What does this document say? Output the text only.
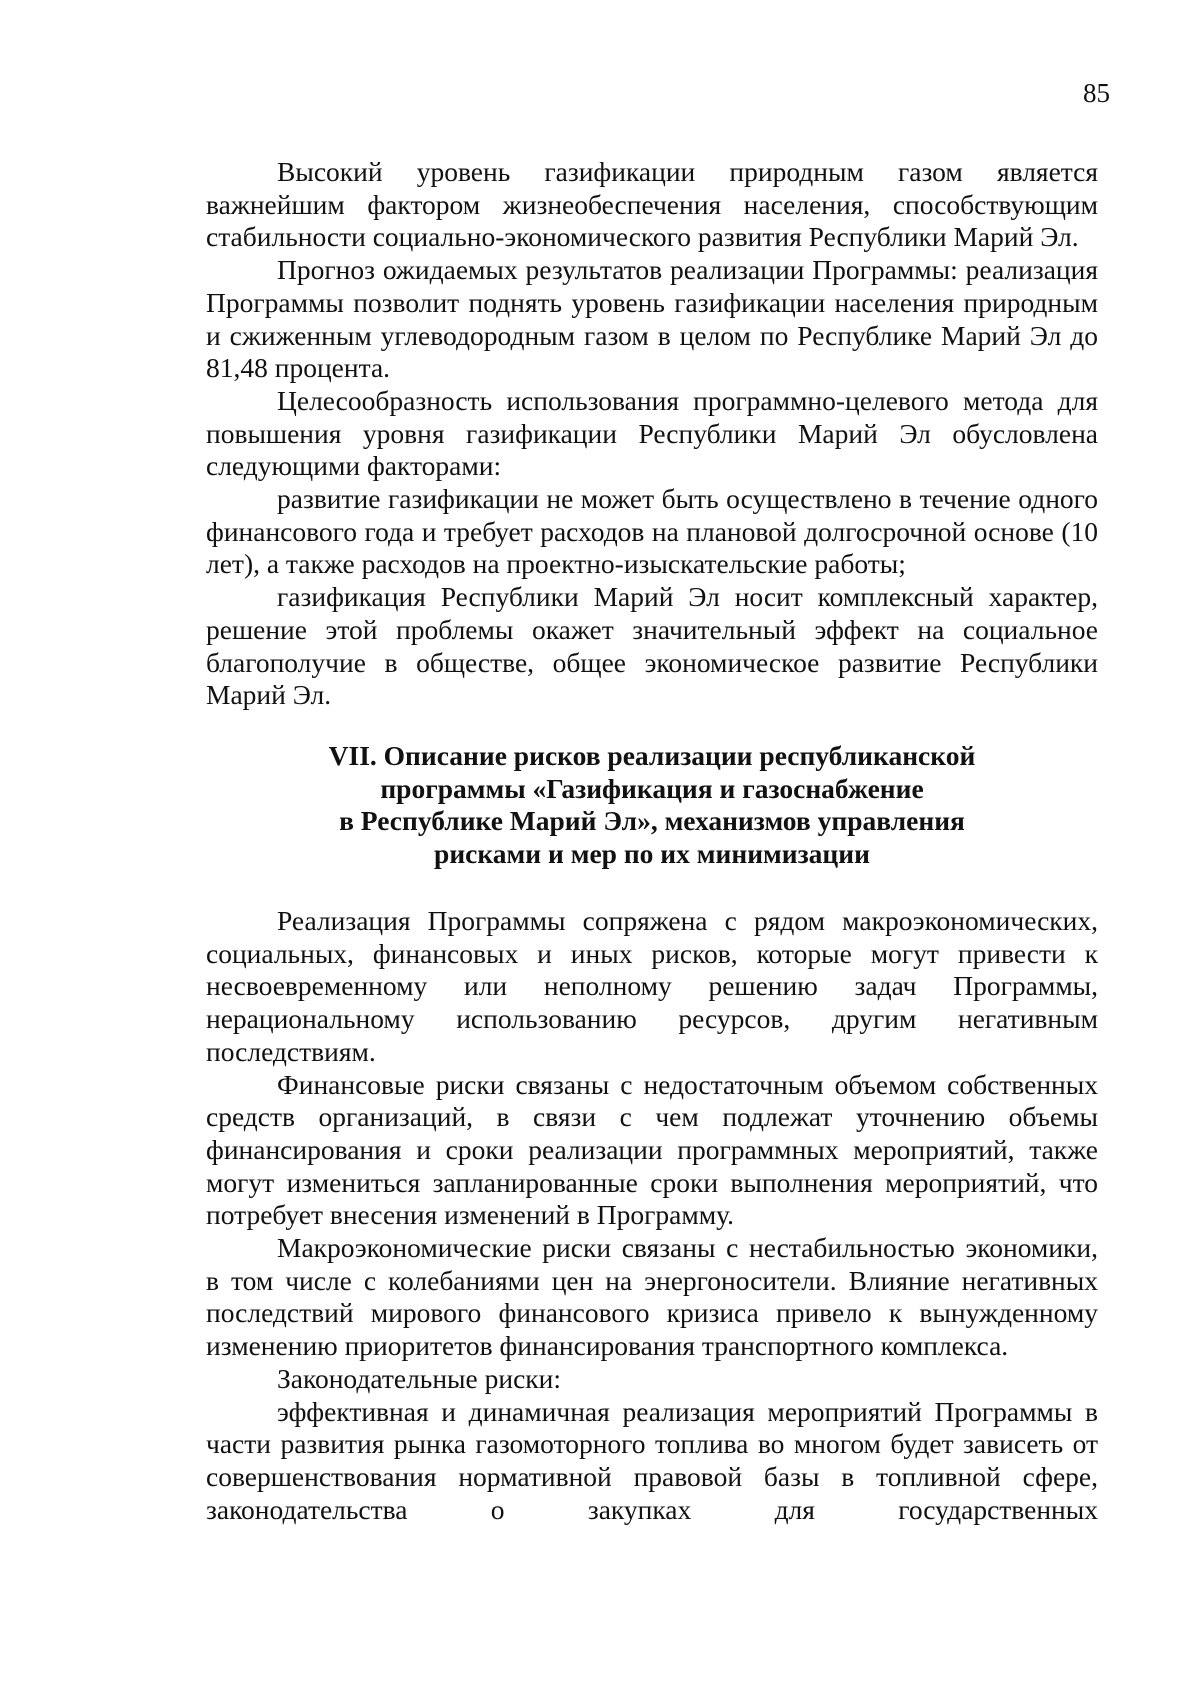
85

Высокий уровень газификации природным газом является важнейшим фактором жизнеобеспечения населения, способствующим стабильности социально-экономического развития Республики Марий Эл.

Прогноз ожидаемых результатов реализации Программы: реализация Программы позволит поднять уровень газификации населения природным и сжиженным углеводородным газом в целом по Республике Марий Эл до 81,48 процента.

Целесообразность использования программно-целевого метода для повышения уровня газификации Республики Марий Эл обусловлена следующими факторами:

развитие газификации не может быть осуществлено в течение одного финансового года и требует расходов на плановой долгосрочной основе (10 лет), а также расходов на проектно-изыскательские работы;

газификация Республики Марий Эл носит комплексный характер, решение этой проблемы окажет значительный эффект на социальное благополучие в обществе, общее экономическое развитие Республики Марий Эл.

VII. Описание рисков реализации республиканской
программы «Газификация и газоснабжение
в Республике Марий Эл», механизмов управления
рисками и мер по их минимизации

Реализация Программы сопряжена с рядом макроэкономических, социальных, финансовых и иных рисков, которые могут привести к несвоевременному или неполному решению задач Программы, нерациональному использованию ресурсов, другим негативным последствиям.

Финансовые риски связаны с недостаточным объемом собственных средств организаций, в связи с чем подлежат уточнению объемы финансирования и сроки реализации программных мероприятий, также могут измениться запланированные сроки выполнения мероприятий, что потребует внесения изменений в Программу.

Макроэкономические риски связаны с нестабильностью экономики, в том числе с колебаниями цен на энергоносители. Влияние негативных последствий мирового финансового кризиса привело к вынужденному изменению приоритетов финансирования транспортного комплекса.

Законодательные риски:

эффективная и динамичная реализация мероприятий Программы в части развития рынка газомоторного топлива во многом будет зависеть от совершенствования нормативной правовой базы в топливной сфере, законодательства о закупках для государственных
